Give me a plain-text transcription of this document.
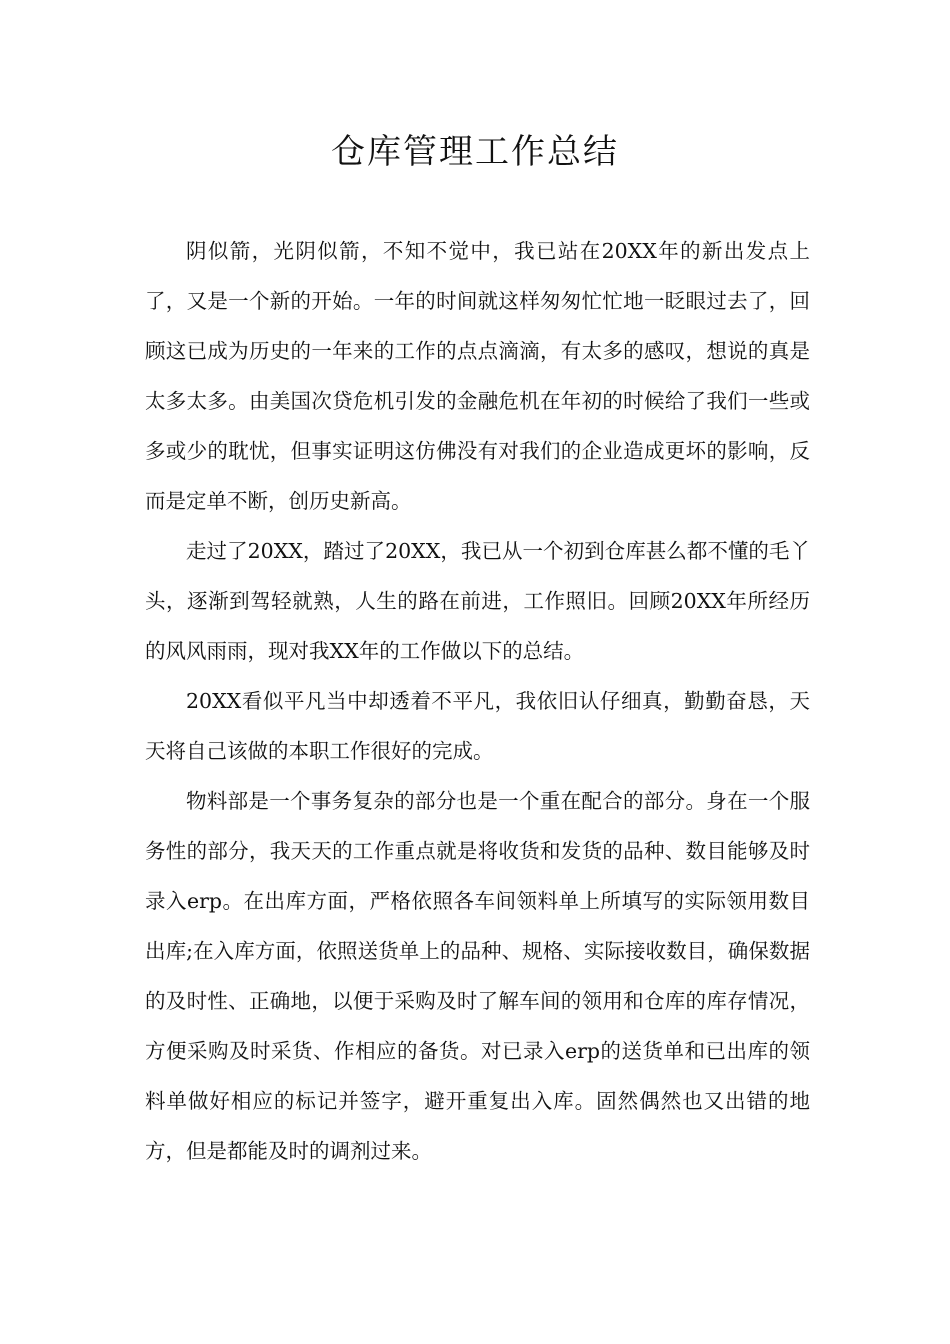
仓库管理工作总结

阴似箭，光阴似箭，不知不觉中，我已站在20XX年的新出发点上了，又是一个新的开始。一年的时间就这样匆匆忙忙地一眨眼过去了，回顾这已成为历史的一年来的工作的点点滴滴，有太多的感叹，想说的真是太多太多。由美国次贷危机引发的金融危机在年初的时候给了我们一些或多或少的耽忧，但事实证明这仿佛没有对我们的企业造成更坏的影响，反而是定单不断，创历史新高。

走过了20XX，踏过了20XX，我已从一个初到仓库甚么都不懂的毛丫头，逐渐到驾轻就熟，人生的路在前进，工作照旧。回顾20XX年所经历的风风雨雨，现对我XX年的工作做以下的总结。

20XX看似平凡当中却透着不平凡，我依旧认仔细真，勤勤奋恳，天天将自己该做的本职工作很好的完成。

物料部是一个事务复杂的部分也是一个重在配合的部分。身在一个服务性的部分，我天天的工作重点就是将收货和发货的品种、数目能够及时录入erp。在出库方面，严格依照各车间领料单上所填写的实际领用数目出库;在入库方面，依照送货单上的品种、规格、实际接收数目，确保数据的及时性、正确地，以便于采购及时了解车间的领用和仓库的库存情况，方便采购及时采货、作相应的备货。对已录入erp的送货单和已出库的领料单做好相应的标记并签字，避开重复出入库。固然偶然也又出错的地方，但是都能及时的调剂过来。
